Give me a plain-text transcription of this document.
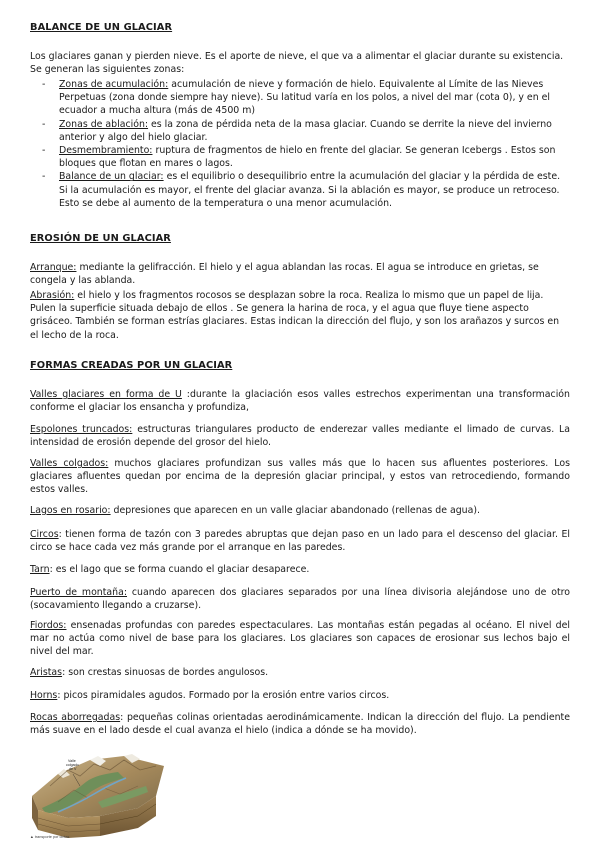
BALANCE DE UN GLACIAR

Los glaciares ganan y pierden nieve. Es el aporte de nieve, el que va a alimentar el glaciar durante su existencia. Se generan las siguientes zonas:

- Zonas de acumulación: acumulación de nieve y formación de hielo. Equivalente al Límite de las Nieves Perpetuas (zona donde siempre hay nieve). Su latitud varía en los polos, a nivel del mar (cota 0), y en el ecuador a mucha altura (más de 4500 m)
- Zonas de ablación: es la zona de pérdida neta de la masa glaciar. Cuando se derrite la nieve del invierno anterior y algo del hielo glaciar.
- Desmembramiento: ruptura de fragmentos de hielo en frente del glaciar. Se generan Icebergs . Estos son bloques que flotan en mares o lagos.
- Balance de un glaciar: es el equilibrio o desequilibrio entre la acumulación del glaciar y la pérdida de este. Si la acumulación es mayor, el frente del glaciar avanza. Si la ablación es mayor, se produce un retroceso. Esto se debe al aumento de la temperatura o una menor acumulación.
EROSIÓN DE UN GLACIAR

Arranque: mediante la gelifracción. El hielo y el agua ablandan las rocas. El agua se introduce en grietas, se congela y las ablanda.

Abrasión: el hielo y los fragmentos rocosos se desplazan sobre la roca. Realiza lo mismo que un papel de lija. Pulen la superficie situada debajo de ellos . Se genera la harina de roca, y el agua que fluye tiene aspecto grisáceo. También se forman estrías glaciares. Estas indican la dirección del flujo, y son los arañazos y surcos en el lecho de la roca.

FORMAS CREADAS POR UN GLACIAR

Valles glaciares en forma de U :durante la glaciación esos valles estrechos experimentan una transformación conforme el glaciar los ensancha y profundiza,

Espolones truncados: estructuras triangulares producto de enderezar valles mediante el limado de curvas. La intensidad de erosión depende del grosor del hielo.

Valles colgados: muchos glaciares profundizan sus valles más que lo hacen sus afluentes posteriores. Los glaciares afluentes quedan por encima de la depresión glaciar principal, y estos van retrocediendo, formando estos valles.

Lagos en rosario: depresiones que aparecen en un valle glaciar abandonado (rellenas de agua).

Circos: tienen forma de tazón con 3 paredes abruptas que dejan paso en un lado para el descenso del glaciar. El circo se hace cada vez más grande por el arranque en las paredes.

Tarn: es el lago que se forma cuando el glaciar desaparece.

Puerto de montaña: cuando aparecen dos glaciares separados por una línea divisoria alejándose uno de otro (socavamiento llegando a cruzarse).

Fiordos: ensenadas profundas con paredes espectaculares. Las montañas están pegadas al océano. El nivel del mar no actúa como nivel de base para los glaciares. Los glaciares son capaces de erosionar sus lechos bajo el nivel del mar.

Aristas: son crestas sinuosas de bordes angulosos.

Horns: picos piramidales agudos. Formado por la erosión entre varios circos.

Rocas aborregadas: pequeñas colinas orientadas aerodinámicamente. Indican la dirección del flujo. La pendiente más suave en el lado desde el cual avanza el hielo (indica a dónde se ha movido).

Valle colgado de V
▲ transporte por cintas
